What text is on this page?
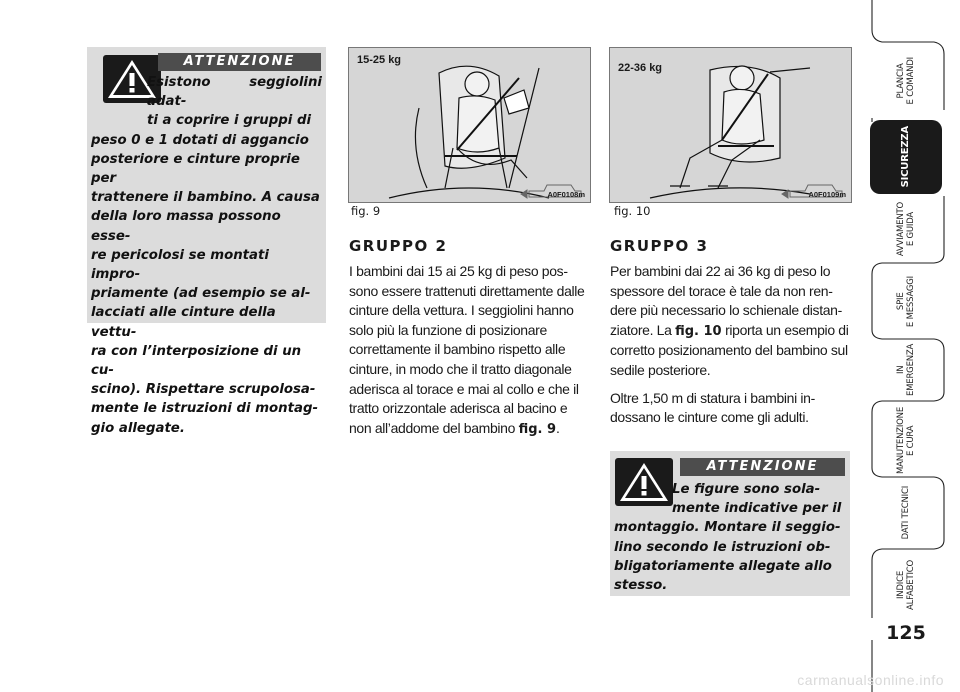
ATTENZIONE
Esistono seggiolini adat-
ti a coprire i gruppi di
peso 0 e 1 dotati di aggancio
posteriore e cinture proprie per
trattenere il bambino. A causa
della loro massa possono esse-
re pericolosi se montati impro-
priamente (ad esempio se al-
lacciati alle cinture della vettu-
ra con l’interposizione di un cu-
scino). Rispettare scrupolosa-
mente le istruzioni di montag-
gio allegate.
15-25 kg
A0F0108m
fig. 9
22-36 kg
A0F0109m
fig. 10
GRUPPO 2

I bambini dai 15 ai 25 kg di peso possono essere trattenuti direttamente dalle cinture della vettura. I seggiolini hanno solo più la funzione di posizionare correttamente il bambino rispetto alle cinture, in modo che il tratto diagonale aderisca al torace e mai al collo e che il tratto orizzontale aderisca al bacino e non all’addome del bambino fig. 9.

GRUPPO 3

Per bambini dai 22 ai 36 kg di peso lo spessore del torace è tale da non rendere più necessario lo schienale distanziatore. La fig. 10 riporta un esempio di corretto posizionamento del bambino sul sedile posteriore.

Oltre 1,50 m di statura i bambini indossano le cinture come gli adulti.

ATTENZIONE
Le figure sono sola-
mente indicative per il
montaggio. Montare il seggio-
lino secondo le istruzioni ob-
bligatoriamente allegate allo
stesso.
PLANCIA
E COMANDI
SICUREZZA
AVVIAMENTO
E GUIDA
SPIE
E MESSAGGI
IN EMERGENZA
MANUTENZIONE
E CURA
DATI TECNICI
INDICE
ALFABETICO
125
carmanualsonline.info
